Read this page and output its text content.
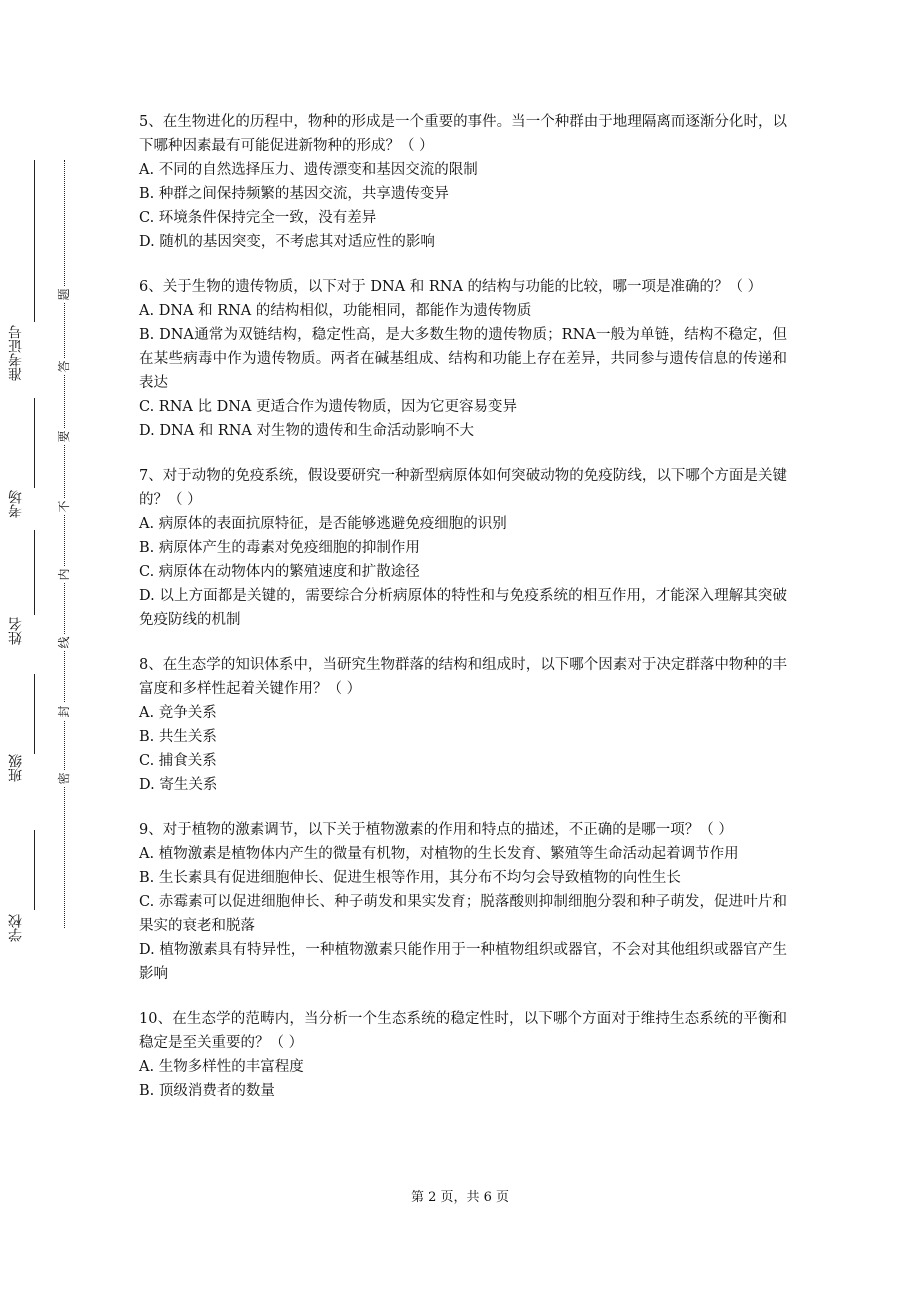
学校
班级
姓名
考场
准考证号
密
封
线
内
不
要
答
题

5、在生物进化的历程中，物种的形成是一个重要的事件。当一个种群由于地理隔离而逐渐分化时，以下哪种因素最有可能促进新物种的形成？（ ）

A. 不同的自然选择压力、遗传漂变和基因交流的限制

B. 种群之间保持频繁的基因交流，共享遗传变异

C. 环境条件保持完全一致，没有差异

D. 随机的基因突变，不考虑其对适应性的影响

6、关于生物的遗传物质，以下对于 DNA 和 RNA 的结构与功能的比较，哪一项是准确的？（ ）

A. DNA 和 RNA 的结构相似，功能相同，都能作为遗传物质

B. DNA通常为双链结构，稳定性高，是大多数生物的遗传物质；RNA一般为单链，结构不稳定，但在某些病毒中作为遗传物质。两者在碱基组成、结构和功能上存在差异，共同参与遗传信息的传递和表达

C. RNA 比 DNA 更适合作为遗传物质，因为它更容易变异

D. DNA 和 RNA 对生物的遗传和生命活动影响不大

7、对于动物的免疫系统，假设要研究一种新型病原体如何突破动物的免疫防线，以下哪个方面是关键的？（ ）

A. 病原体的表面抗原特征，是否能够逃避免疫细胞的识别

B. 病原体产生的毒素对免疫细胞的抑制作用

C. 病原体在动物体内的繁殖速度和扩散途径

D. 以上方面都是关键的，需要综合分析病原体的特性和与免疫系统的相互作用，才能深入理解其突破免疫防线的机制

8、在生态学的知识体系中，当研究生物群落的结构和组成时，以下哪个因素对于决定群落中物种的丰富度和多样性起着关键作用？（ ）

A. 竞争关系

B. 共生关系

C. 捕食关系

D. 寄生关系

9、对于植物的激素调节，以下关于植物激素的作用和特点的描述，不正确的是哪一项？（ ）

A. 植物激素是植物体内产生的微量有机物，对植物的生长发育、繁殖等生命活动起着调节作用

B. 生长素具有促进细胞伸长、促进生根等作用，其分布不均匀会导致植物的向性生长

C. 赤霉素可以促进细胞伸长、种子萌发和果实发育；脱落酸则抑制细胞分裂和种子萌发，促进叶片和果实的衰老和脱落

D. 植物激素具有特异性，一种植物激素只能作用于一种植物组织或器官，不会对其他组织或器官产生影响

10、在生态学的范畴内，当分析一个生态系统的稳定性时，以下哪个方面对于维持生态系统的平衡和稳定是至关重要的？（ ）

A. 生物多样性的丰富程度

B. 顶级消费者的数量

第 2 页，共 6 页
